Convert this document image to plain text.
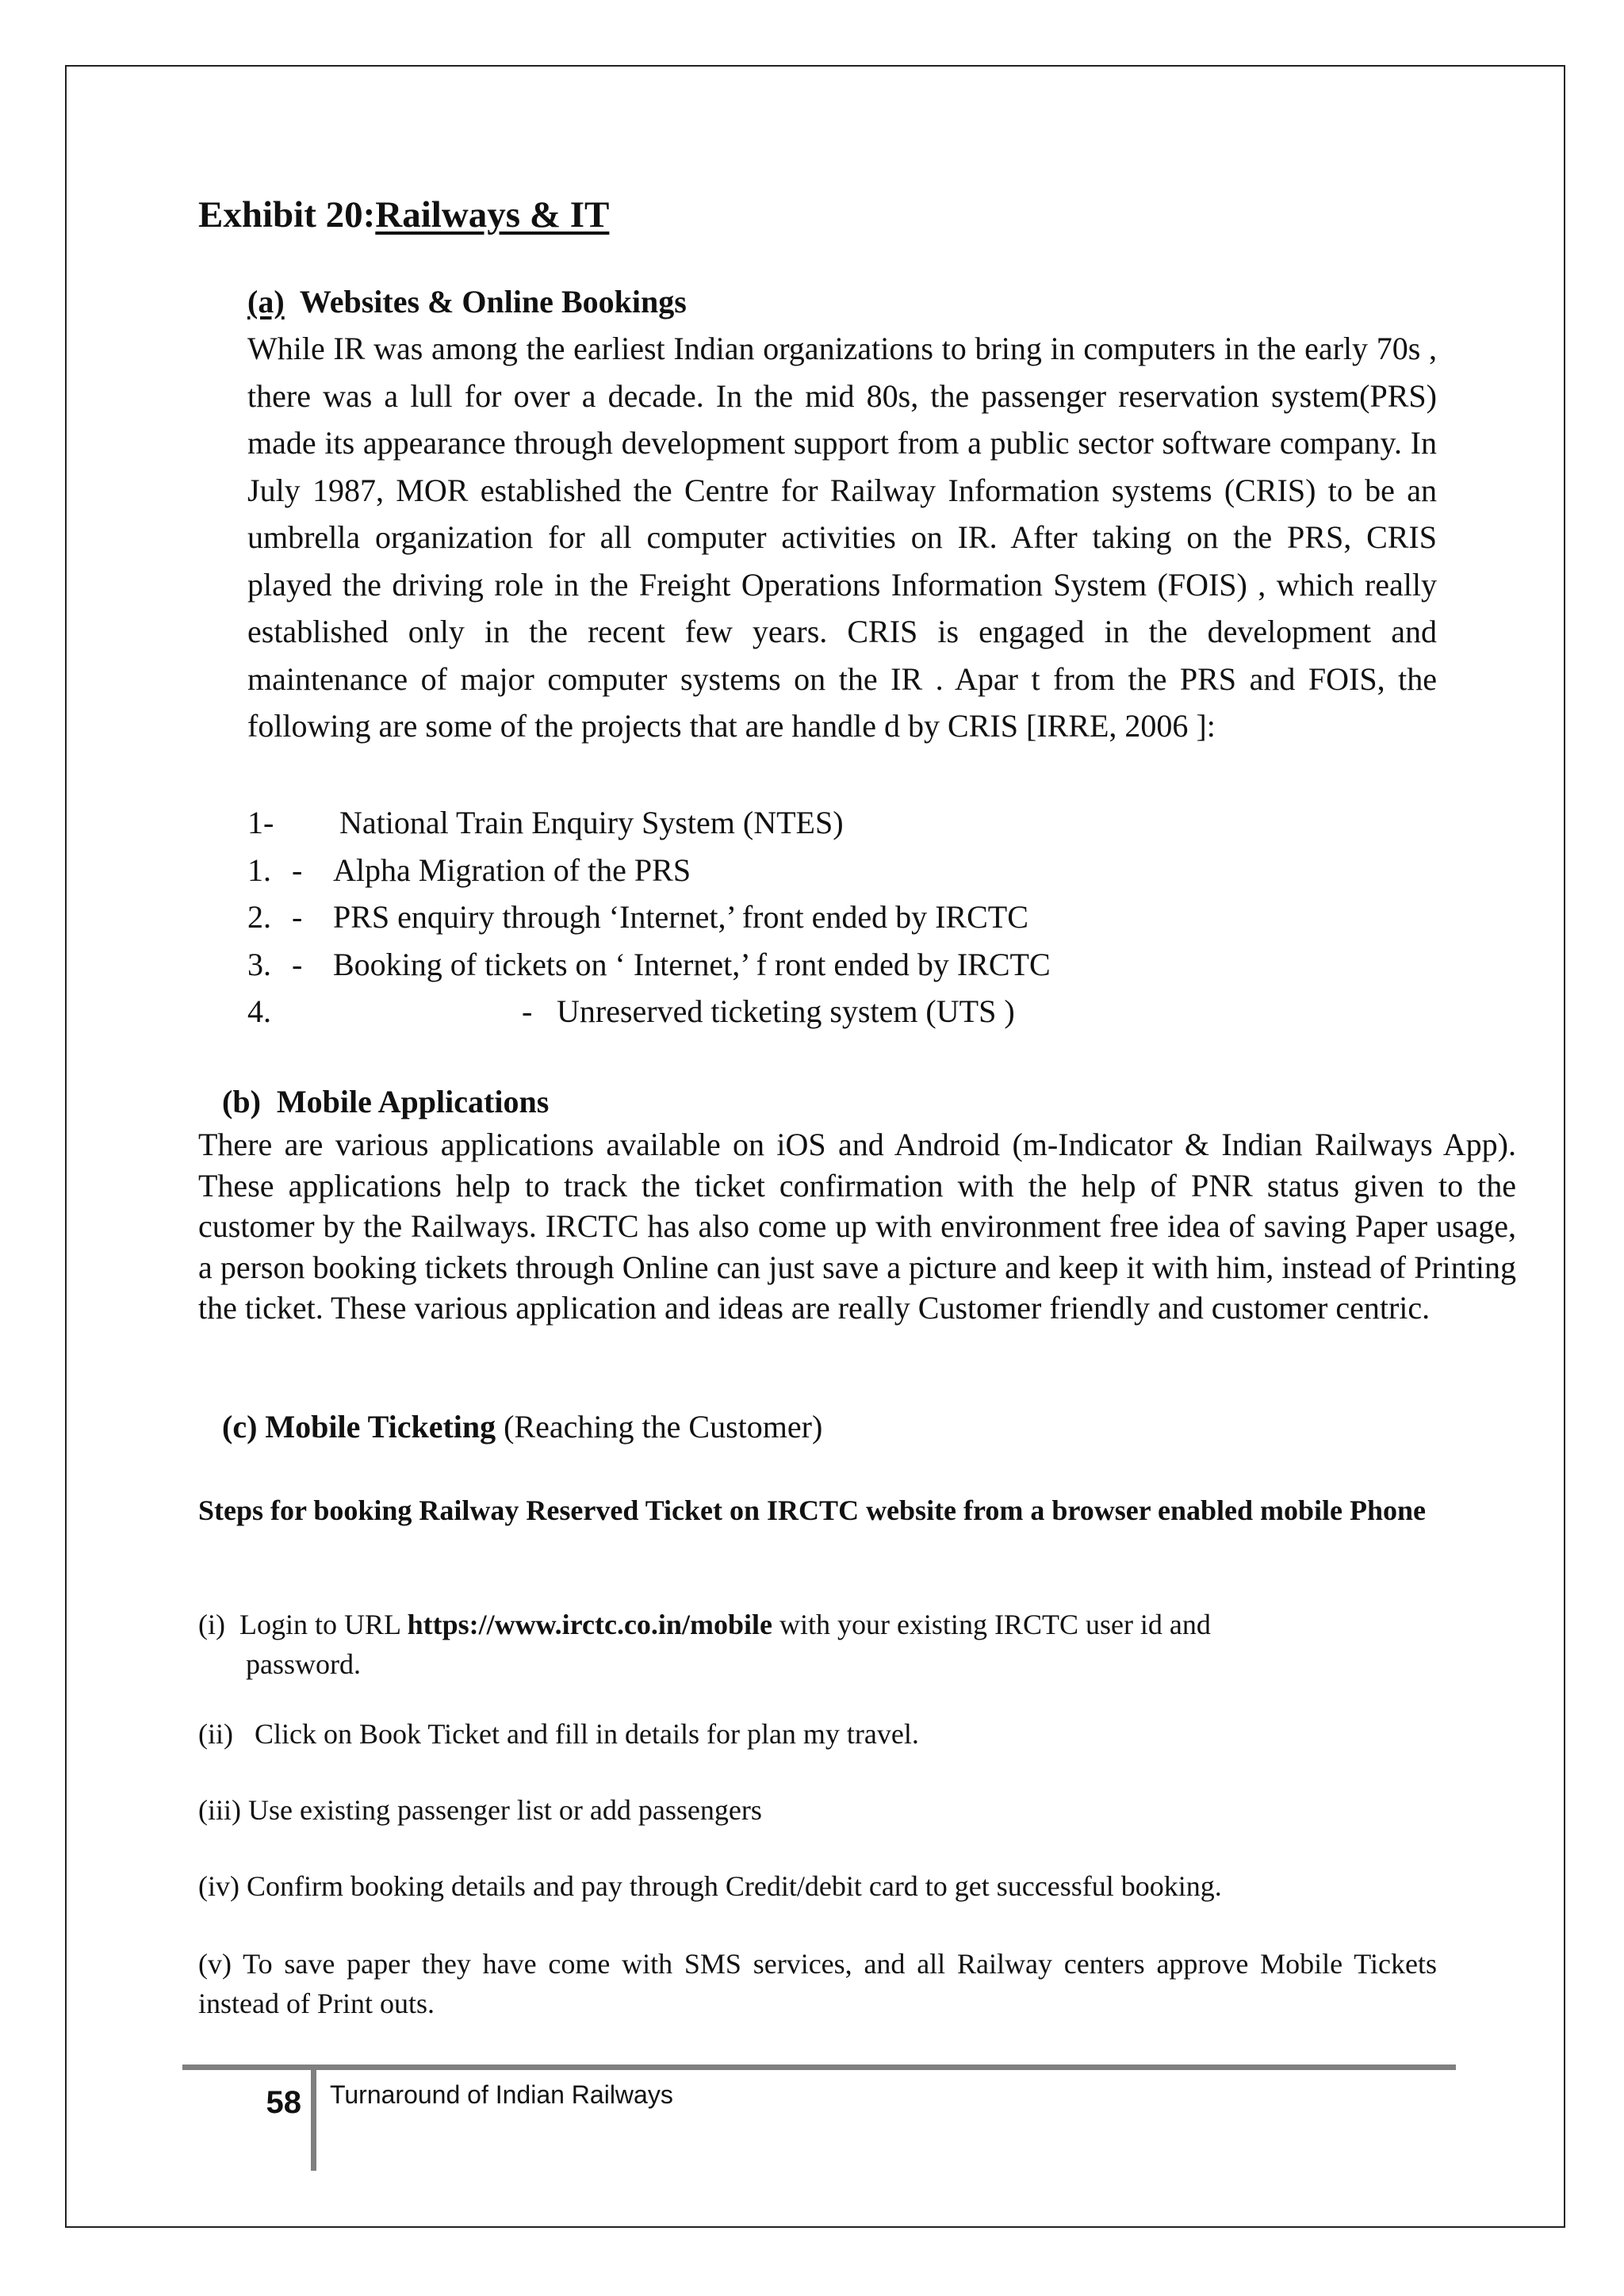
Exhibit 20:Railways & IT
(a)  Websites & Online Bookings

While IR was among the earliest Indian organizations to bring in computers in the early 70s , there was a lull for over a decade. In the mid 80s, the passenger reservation system(PRS) made its appearance through development support from a public sector software company. In July 1987, MOR established the Centre for Railway Information systems (CRIS) to be an umbrella organization for all computer activities on IR. After taking on the PRS, CRIS played the driving role in the Freight Operations Information System (FOIS) , which really established only in the recent few years. CRIS is engaged in the development and maintenance of major computer systems on the IR . Apar t from the PRS and FOIS, the following are some of the projects that are handle d by CRIS [IRRE, 2006 ]:

1-	National Train Enquiry System (NTES)
1. - Alpha Migration of the PRS
2. - PRS enquiry through ‘Internet,’ front ended by IRCTC
3. - Booking of tickets on ‘ Internet,’ f ront ended by IRCTC
4.	- Unreserved ticketing system (UTS )
(b)  Mobile Applications

There are various applications available on iOS and Android (m-Indicator & Indian Railways App). These applications help to track the ticket confirmation with the help of PNR status given to the customer by the Railways. IRCTC has also come up with environment free idea of saving Paper usage, a person booking tickets through Online can just save a picture and keep it with him, instead of Printing the ticket. These various application and ideas are really Customer friendly and customer centric.

(c) Mobile Ticketing (Reaching the Customer)

Steps for booking Railway Reserved Ticket on IRCTC website from a browser enabled mobile Phone

(i)  Login to URL https://www.irctc.co.in/mobile with your existing IRCTC user id and
password.

(ii)   Click on Book Ticket and fill in details for plan my travel.

(iii) Use existing passenger list or add passengers

(iv) Confirm booking details and pay through Credit/debit card to get successful booking.

(v) To save paper they have come with SMS services, and all Railway centers approve Mobile Tickets instead of Print outs.

58 Turnaround of Indian Railways
